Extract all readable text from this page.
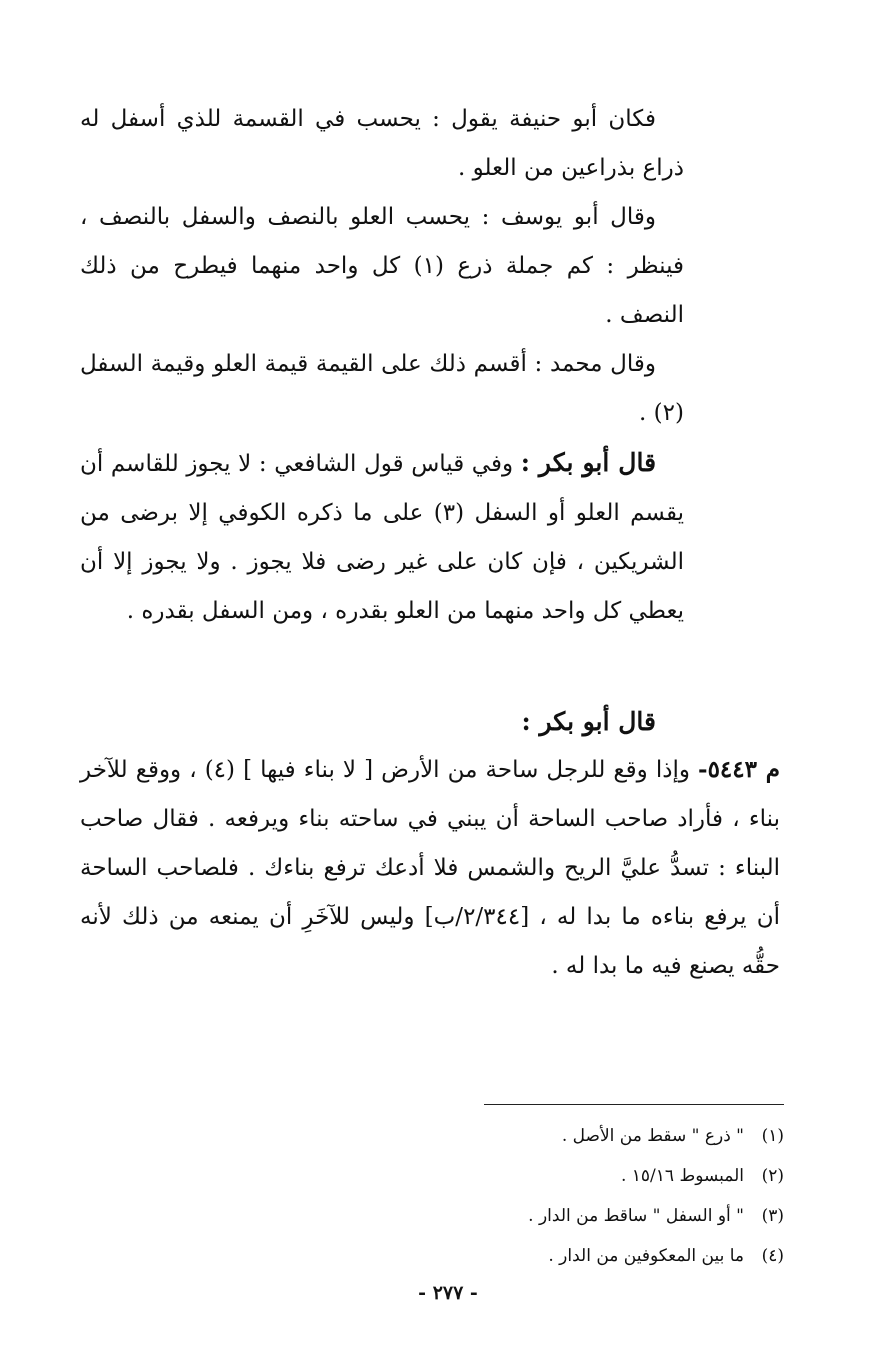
فكان أبو حنيفة يقول : يحسب في القسمة للذي أسفل له ذراع بذراعين من العلو .

وقال أبو يوسف : يحسب العلو بالنصف والسفل بالنصف ، فينظر : كم جملة ذرع (١) كل واحد منهما فيطرح من ذلك النصف .

وقال محمد : أقسم ذلك على القيمة قيمة العلو وقيمة السفل (٢) .

قال أبو بكر : وفي قياس قول الشافعي : لا يجوز للقاسم أن يقسم العلو أو السفل (٣) على ما ذكره الكوفي إلا برضى من الشريكين ، فإن كان على غير رضى فلا يجوز . ولا يجوز إلا أن يعطي كل واحد منهما من العلو بقدره ، ومن السفل بقدره .

قال أبو بكر :
م ٥٤٤٣- وإذا وقع للرجل ساحة من الأرض [ لا بناء فيها ] (٤) ، ووقع للآخر بناء ، فأراد صاحب الساحة أن يبني في ساحته بناء ويرفعه . فقال صاحب البناء : تسدُّ عليَّ الريح والشمس فلا أدعك ترفع بناءك . فلصاحب الساحة أن يرفع بناءه ما بدا له ، [٢/٣٤٤/ب] وليس للآخَرِ أن يمنعه من ذلك لأنه حقُّه يصنع فيه ما بدا له .
(١)" ذرع " سقط من الأصل .
(٢)المبسوط ١٥/١٦ .
(٣)" أو السفل " ساقط من الدار .
(٤)ما بين المعكوفين من الدار .
- ٢٧٧ -
